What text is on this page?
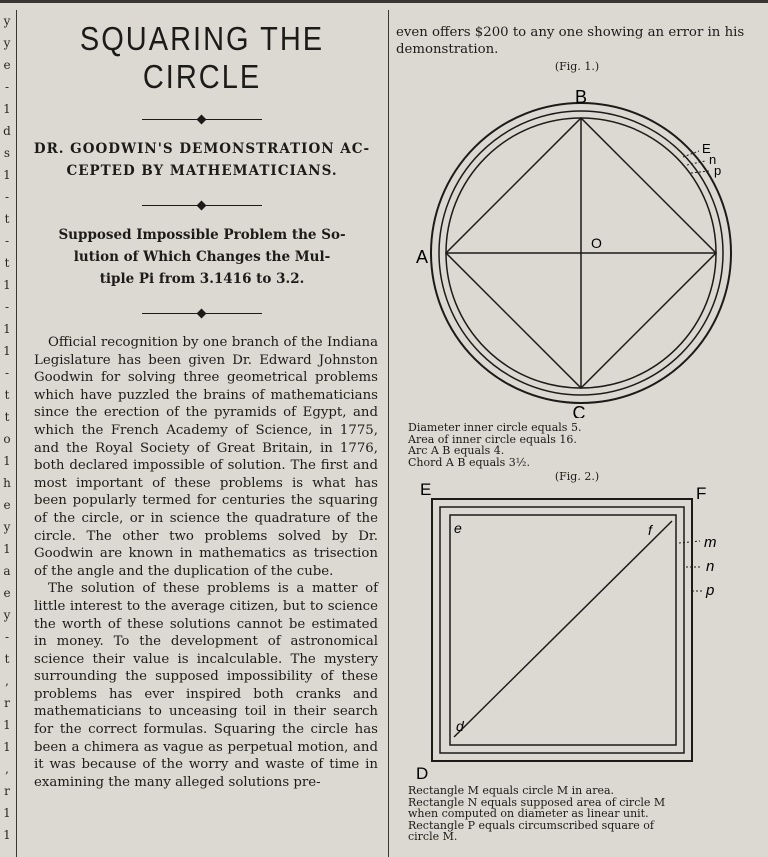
y
y
e
-
1
d
s
1
-
t
-
t
1
-
1
1
-
t
t
o
1
h
e
y
1
a
e
y
-
t
,
r
1
1
,
r
1
1
-
SQUARING THE CIRCLE
DR. GOODWIN'S DEMONSTRATION AC-
CEPTED BY MATHEMATICIANS.
Supposed Impossible Problem the So-
lution of Which Changes the Mul-
tiple Pi from 3.1416 to 3.2.

Official recognition by one branch of the Indiana Legislature has been given Dr. Edward Johnston Goodwin for solving three geometrical problems which have puzzled the brains of mathematicians since the erection of the pyramids of Egypt, and which the French Academy of Science, in 1775, and the Royal Society of Great Britain, in 1776, both declared impossible of solution. The first and most important of these problems is what has been popularly termed for centuries the squaring of the circle, or in science the quadrature of the circle. The other two problems solved by Dr. Goodwin are known in mathematics as trisection of the angle and the duplication of the cube.

The solution of these problems is a matter of little interest to the average citizen, but to science the worth of these solutions cannot be estimated in money. To the development of astronomical science their value is incalculable. The mystery surrounding the supposed impossibility of these problems has ever inspired both cranks and mathematicians to unceasing toil in their search for the correct formulas. Squaring the circle has been a chimera as vague as perpetual motion, and it was because of the worry and waste of time in examining the many alleged solutions pre-

even offers $200 to any one showing an error in his demonstration.

(Fig. 1.)

B
A
C
O
E
n
p
Diameter inner circle equals 5.
Area of inner circle equals 16.
Arc A B equals 4.
Chord A B equals 3½.

(Fig. 2.)

E	F
D
e	f
d
m
n
p
Rectangle M equals circle M in area.
Rectangle N equals supposed area of circle M
when computed on diameter as linear unit.
Rectangle P equals circumscribed square of
circle M.
